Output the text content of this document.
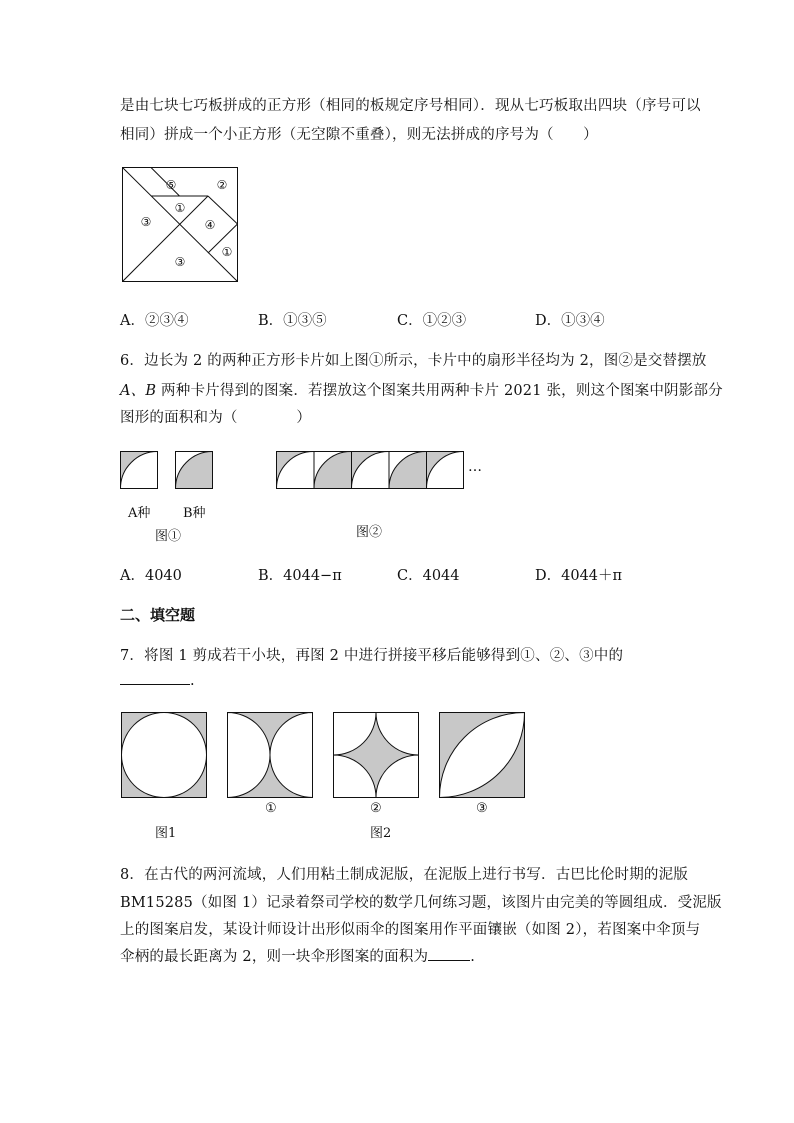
是由七块七巧板拼成的正方形（相同的板规定序号相同）．现从七巧板取出四块（序号可以
相同）拼成一个小正方形（无空隙不重叠），则无法拼成的序号为（　　）
⑤	②
①
③	④
①
③
A．②③④	B．①③⑤	C．①②③	D．①③④
6．边长为 2 的两种正方形卡片如上图①所示，卡片中的扇形半径均为 2，图②是交替摆放
A、B 两种卡片得到的图案．若摆放这个图案共用两种卡片 2021 张，则这个图案中阴影部分
图形的面积和为（　　　　）
A种	B种
图①
…
图②
A．4040	B．4044−π	C．4044	D．4044＋π
二、填空题
7．将图 1 剪成若干小块，再图 2 中进行拼接平移后能够得到①、②、③中的
.
①	②	③
图1	图2
8．在古代的两河流域，人们用粘土制成泥版，在泥版上进行书写．古巴比伦时期的泥版
BM15285（如图 1）记录着祭司学校的数学几何练习题，该图片由完美的等圆组成．受泥版
上的图案启发，某设计师设计出形似雨伞的图案用作平面镶嵌（如图 2），若图案中伞顶与
伞柄的最长距离为 2，则一块伞形图案的面积为	.
